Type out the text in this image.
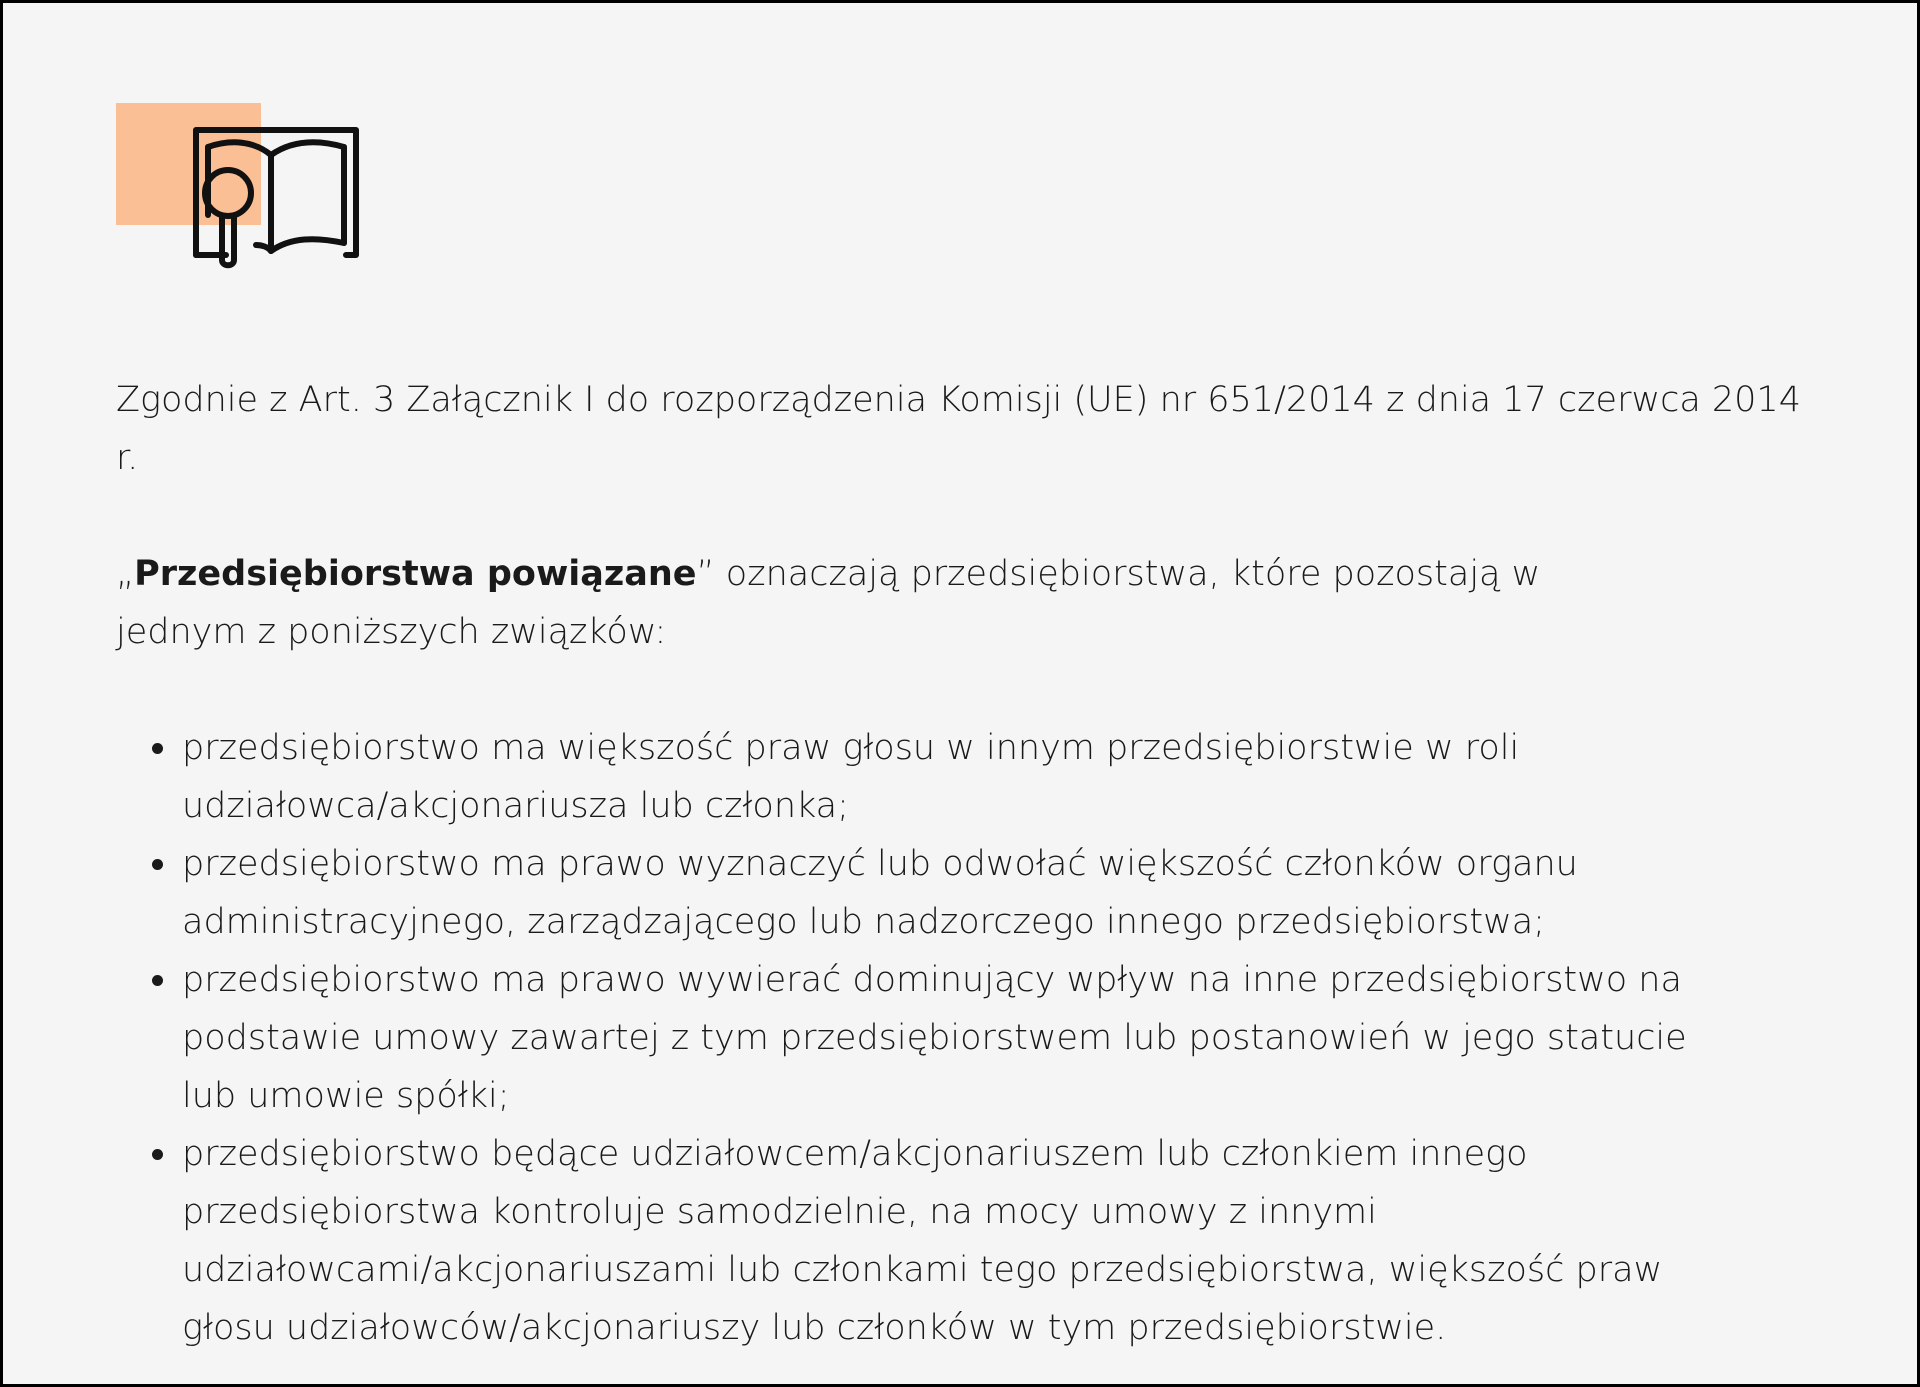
Zgodnie z Art. 3 Załącznik I do rozporządzenia Komisji (UE) nr 651/2014 z dnia 17 czerwca 2014 r.

„Przedsiębiorstwa powiązane” oznaczają przedsiębiorstwa, które pozostają w jednym z poniższych związków:

przedsiębiorstwo ma większość praw głosu w innym przedsiębiorstwie w roli udziałowca/akcjonariusza lub członka;
przedsiębiorstwo ma prawo wyznaczyć lub odwołać większość członków organu administracyjnego, zarządzającego lub nadzorczego innego przedsiębiorstwa;
przedsiębiorstwo ma prawo wywierać dominujący wpływ na inne przedsiębiorstwo na podstawie umowy zawartej z tym przedsiębiorstwem lub postanowień w jego statucie lub umowie spółki;
przedsiębiorstwo będące udziałowcem/akcjonariuszem lub członkiem innego przedsiębiorstwa kontroluje samodzielnie, na mocy umowy z innymi udziałowcami/akcjonariuszami lub członkami tego przedsiębiorstwa, większość praw głosu udziałowców/akcjonariuszy lub członków w tym przedsiębiorstwie.
